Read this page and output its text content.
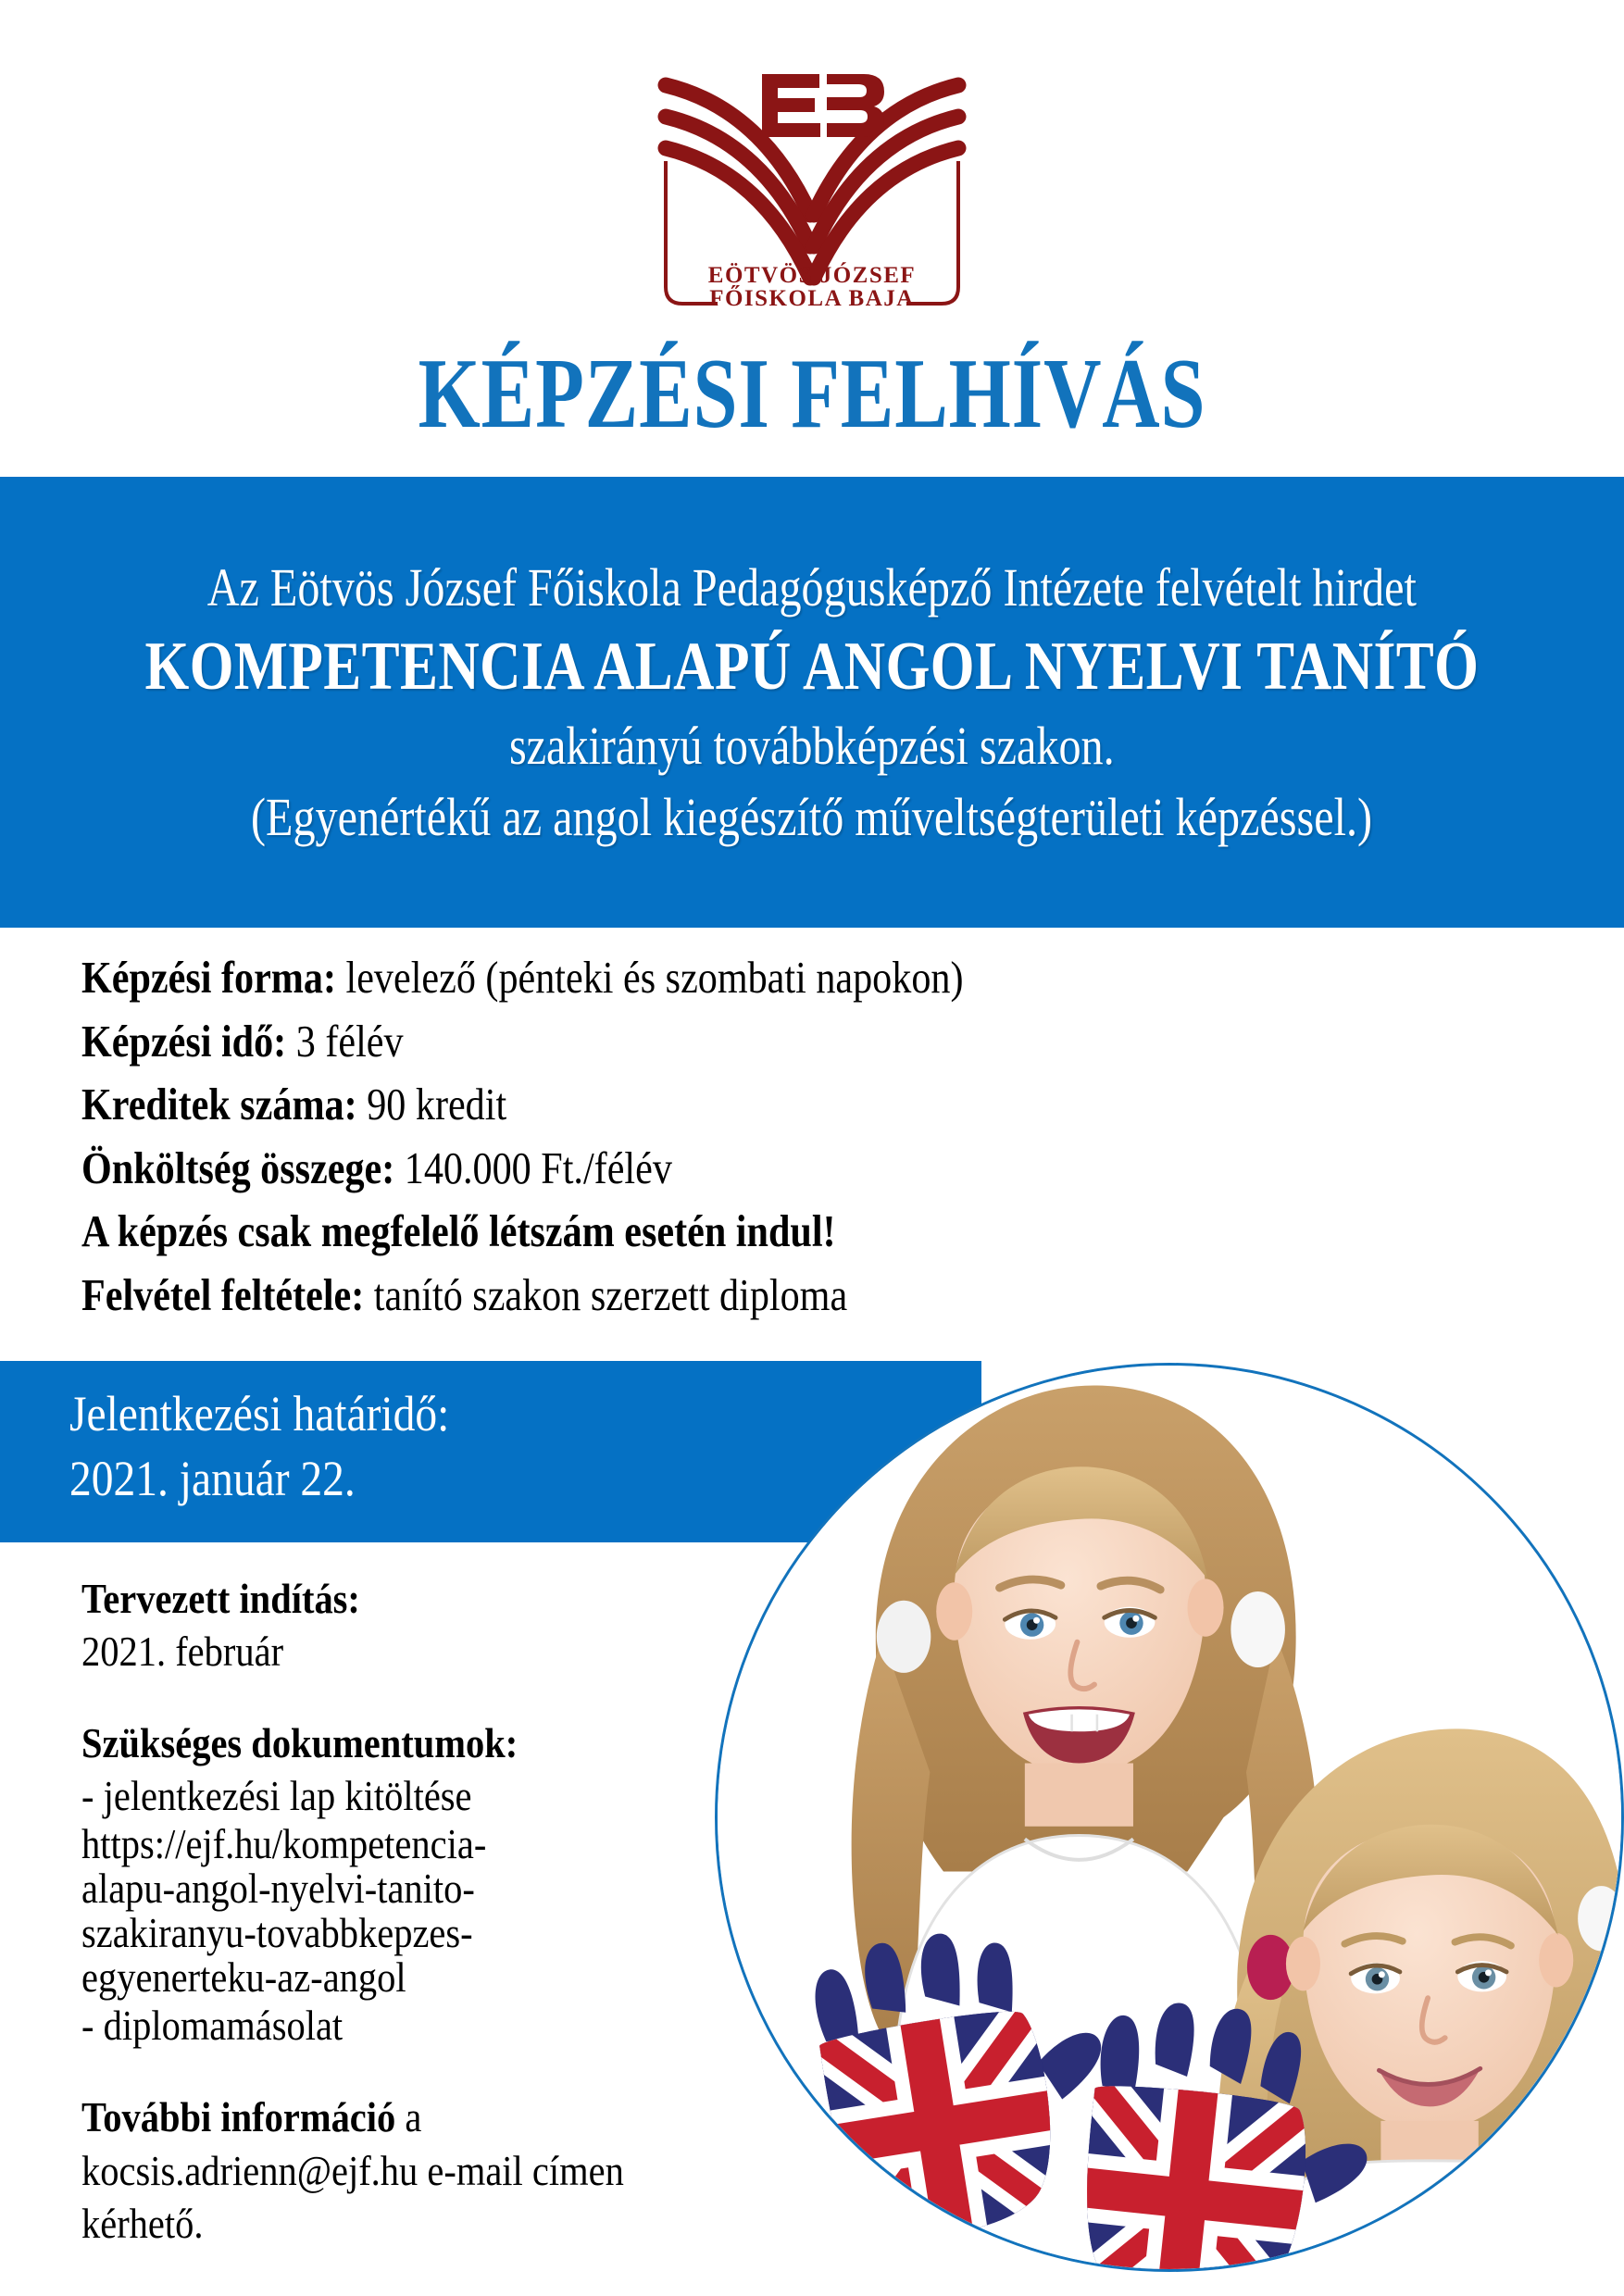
EÖTVÖS JÓZSEF
FŐISKOLA BAJA
KÉPZÉSI FELHÍVÁS
Az Eötvös József Főiskola Pedagógusképző Intézete felvételt hirdet
KOMPETENCIA ALAPÚ ANGOL NYELVI TANÍTÓ
szakirányú továbbképzési szakon.
(Egyenértékű az angol kiegészítő műveltségterületi képzéssel.)
Képzési forma: levelező (pénteki és szombati napokon)
Képzési idő: 3 félév
Kreditek száma: 90 kredit
Önköltség összege: 140.000 Ft./félév
A képzés csak megfelelő létszám esetén indul!
Felvétel feltétele: tanító szakon szerzett diploma
Jelentkezési határidő:
2021. január 22.
Tervezett indítás:
2021. február
Szükséges dokumentumok:
- jelentkezési lap kitöltése
https://ejf.hu/kompetencia-
alapu-angol-nyelvi-tanito-
szakiranyu-tovabbkepzes-
egyenerteku-az-angol
- diplomamásolat
További információ a
kocsis.adrienn@ejf.hu e-mail címen
kérhető.
